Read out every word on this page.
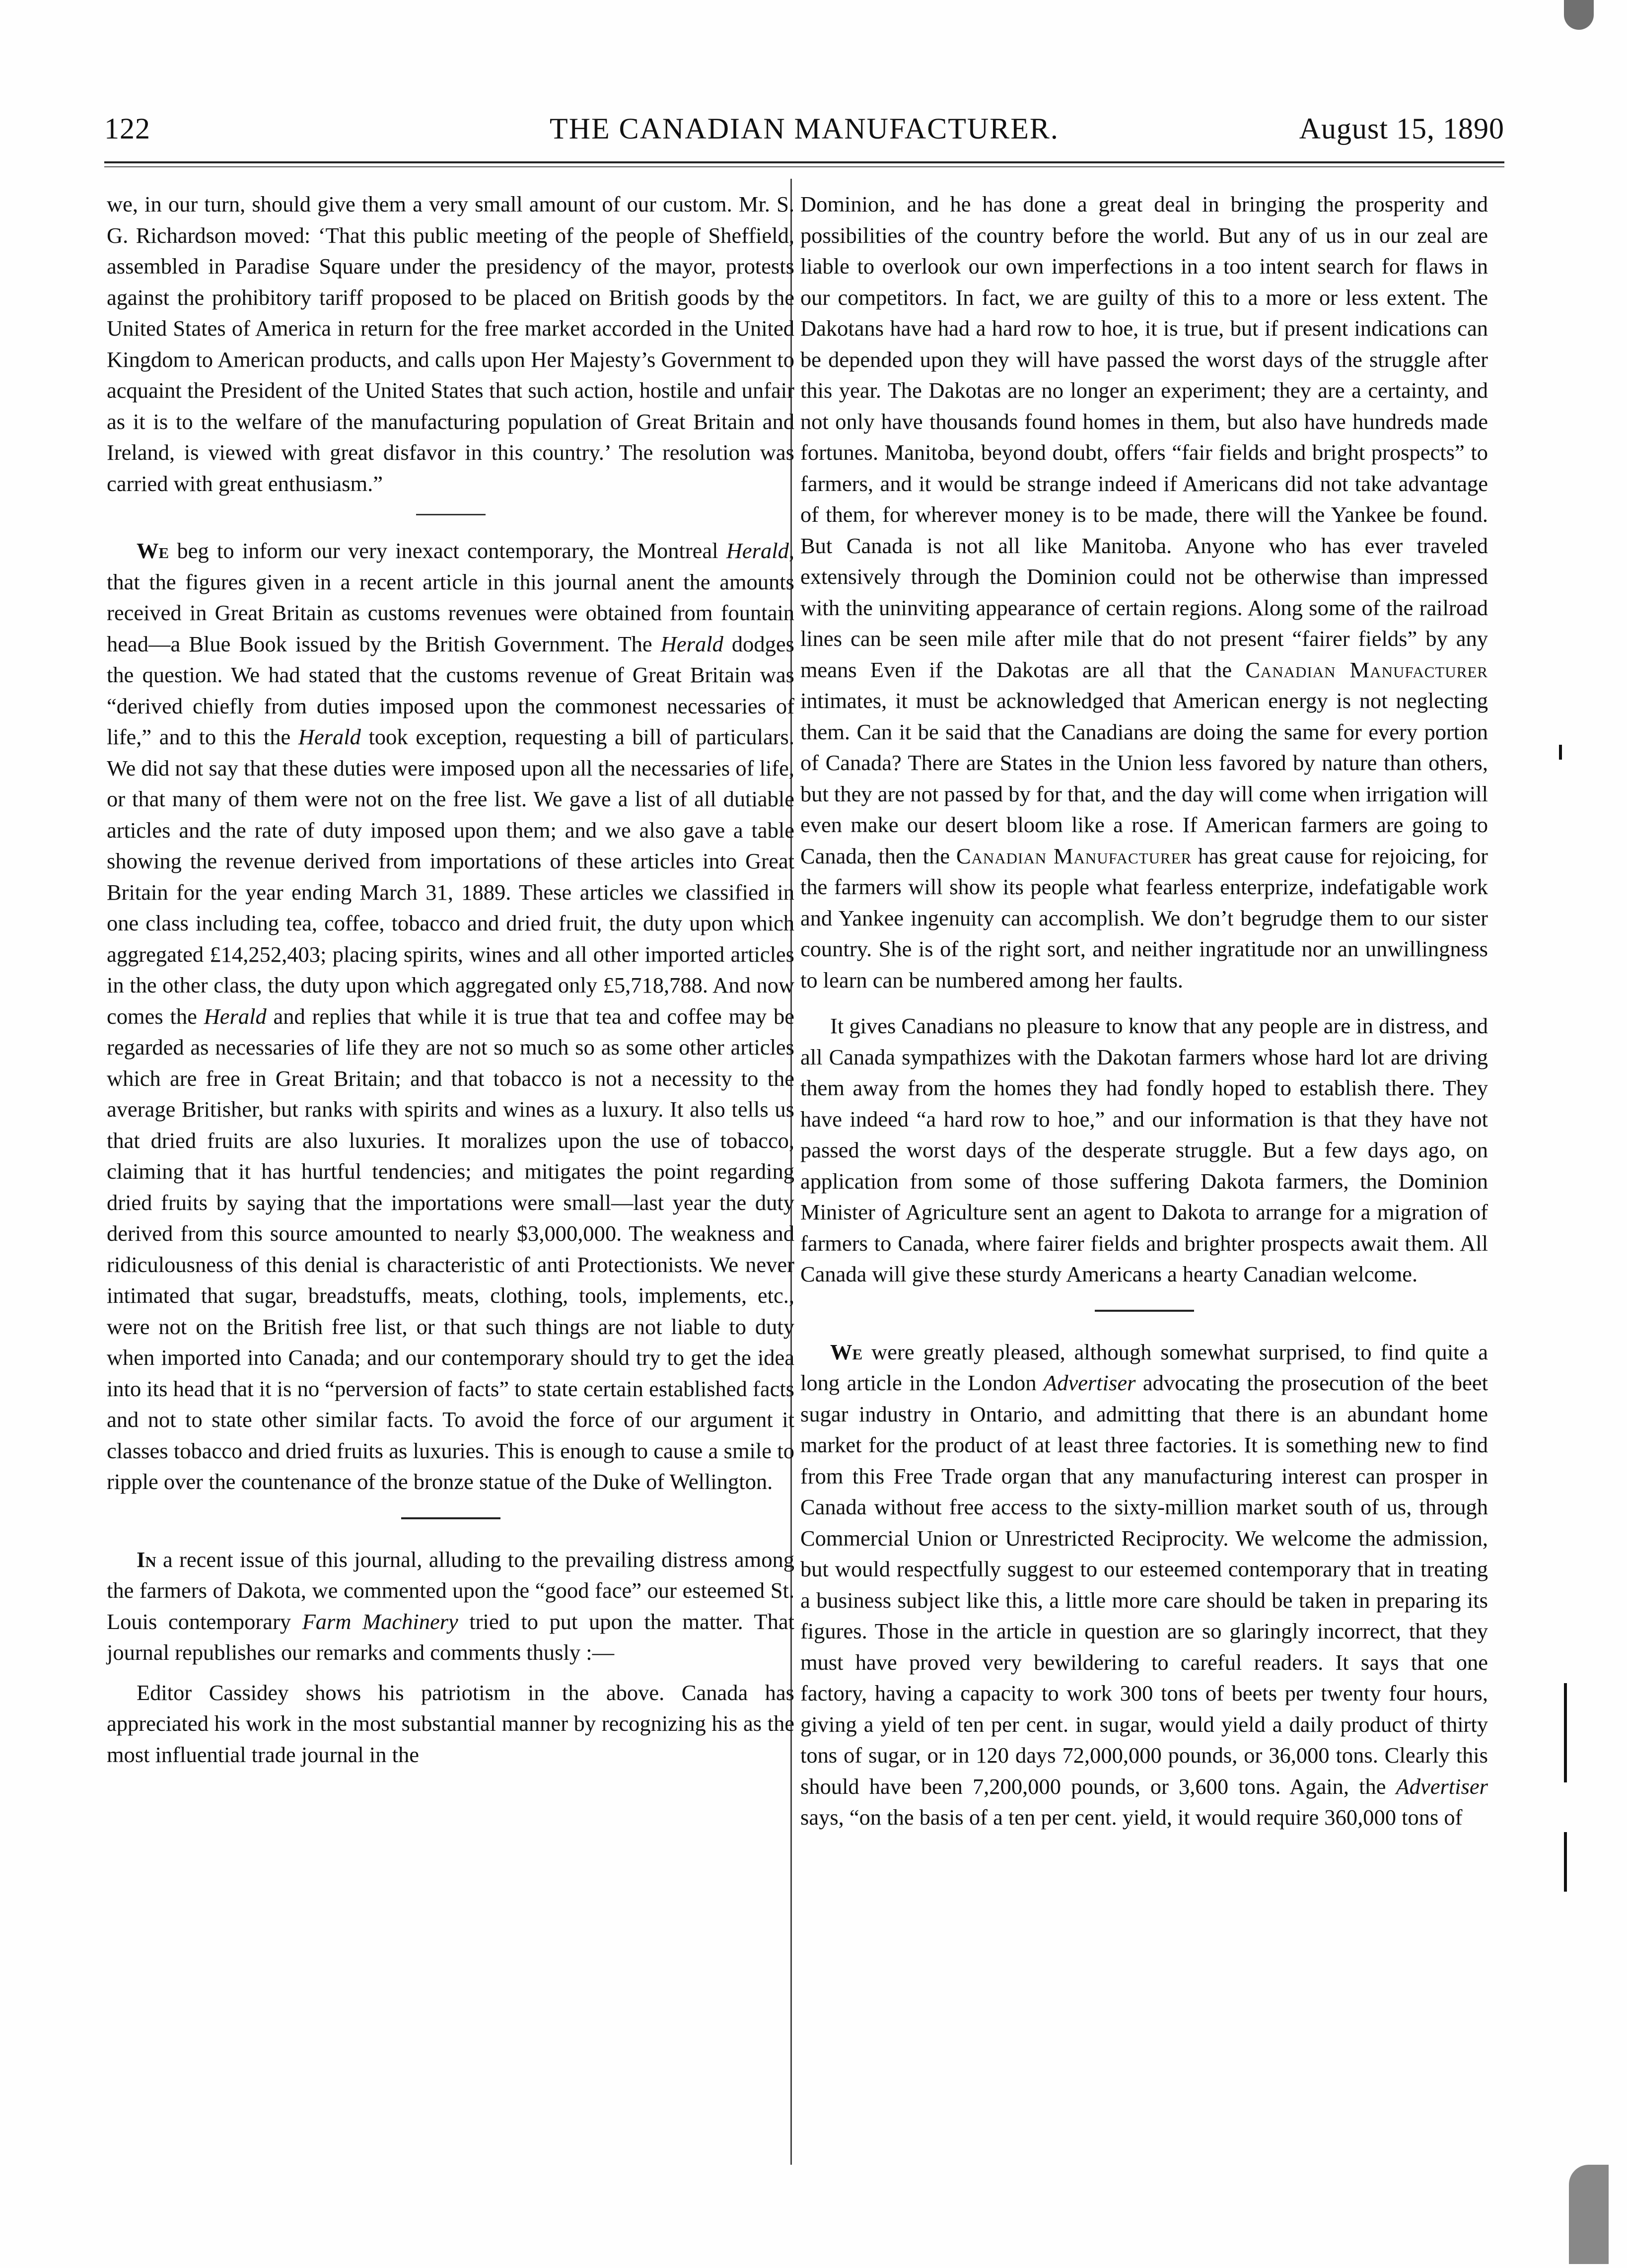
122	THE CANADIAN MANUFACTURER.	August 15, 1890

we, in our turn, should give them a very small amount of our custom. Mr. S. G. Richardson moved: ‘That this public meeting of the people of Sheffield, assembled in Paradise Square under the presidency of the mayor, protests against the prohibitory tariff proposed to be placed on British goods by the United States of America in return for the free market accorded in the United Kingdom to American products, and calls upon Her Majesty’s Government to acquaint the President of the United States that such action, hostile and unfair as it is to the welfare of the manufacturing population of Great Britain and Ireland, is viewed with great disfavor in this country.’ The resolution was carried with great enthusiasm.”

We beg to inform our very inexact contemporary, the Montreal Herald, that the figures given in a recent article in this journal anent the amounts received in Great Britain as customs revenues were obtained from fountain head—a Blue Book issued by the British Government. The Herald dodges the question. We had stated that the customs revenue of Great Britain was “derived chiefly from duties imposed upon the commonest necessaries of life,” and to this the Herald took exception, requesting a bill of particulars. We did not say that these duties were imposed upon all the necessaries of life, or that many of them were not on the free list. We gave a list of all dutiable articles and the rate of duty imposed upon them; and we also gave a table showing the revenue derived from importations of these articles into Great Britain for the year ending March 31, 1889. These articles we classified in one class including tea, coffee, tobacco and dried fruit, the duty upon which aggregated £14,252,403; placing spirits, wines and all other imported articles in the other class, the duty upon which aggregated only £5,718,788. And now comes the Herald and replies that while it is true that tea and coffee may be regarded as necessaries of life they are not so much so as some other articles which are free in Great Britain; and that tobacco is not a necessity to the average Britisher, but ranks with spirits and wines as a luxury. It also tells us that dried fruits are also luxuries. It moralizes upon the use of tobacco, claiming that it has hurtful tendencies; and mitigates the point regarding dried fruits by saying that the importations were small—last year the duty derived from this source amounted to nearly $3,000,000. The weakness and ridiculousness of this denial is characteristic of anti Protectionists. We never intimated that sugar, breadstuffs, meats, clothing, tools, implements, etc., were not on the British free list, or that such things are not liable to duty when imported into Canada; and our contemporary should try to get the idea into its head that it is no “perversion of facts” to state certain established facts and not to state other similar facts. To avoid the force of our argument it classes tobacco and dried fruits as luxuries. This is enough to cause a smile to ripple over the countenance of the bronze statue of the Duke of Wellington.

In a recent issue of this journal, alluding to the prevailing distress among the farmers of Dakota, we commented upon the “good face” our esteemed St. Louis contemporary Farm Machinery tried to put upon the matter. That journal republishes our remarks and comments thusly :—

Editor Cassidey shows his patriotism in the above. Canada has appreciated his work in the most substantial manner by recognizing his as the most influential trade journal in the

Dominion, and he has done a great deal in bringing the prosperity and possibilities of the country before the world. But any of us in our zeal are liable to overlook our own imperfections in a too intent search for flaws in our competitors. In fact, we are guilty of this to a more or less extent. The Dakotans have had a hard row to hoe, it is true, but if present indications can be depended upon they will have passed the worst days of the struggle after this year. The Dakotas are no longer an experiment; they are a certainty, and not only have thousands found homes in them, but also have hundreds made fortunes. Manitoba, beyond doubt, offers “fair fields and bright prospects” to farmers, and it would be strange indeed if Americans did not take advantage of them, for wherever money is to be made, there will the Yankee be found. But Canada is not all like Manitoba. Anyone who has ever traveled extensively through the Dominion could not be otherwise than impressed with the uninviting appearance of certain regions. Along some of the railroad lines can be seen mile after mile that do not present “fairer fields” by any means Even if the Dakotas are all that the Canadian Manufacturer intimates, it must be acknowledged that American energy is not neglecting them. Can it be said that the Canadians are doing the same for every portion of Canada? There are States in the Union less favored by nature than others, but they are not passed by for that, and the day will come when irrigation will even make our desert bloom like a rose. If American farmers are going to Canada, then the Canadian Manufacturer has great cause for rejoicing, for the farmers will show its people what fearless enterprize, indefatigable work and Yankee ingenuity can accomplish. We don’t begrudge them to our sister country. She is of the right sort, and neither ingratitude nor an unwillingness to learn can be numbered among her faults.

It gives Canadians no pleasure to know that any people are in distress, and all Canada sympathizes with the Dakotan farmers whose hard lot are driving them away from the homes they had fondly hoped to establish there. They have indeed “a hard row to hoe,” and our information is that they have not passed the worst days of the desperate struggle. But a few days ago, on application from some of those suffering Dakota farmers, the Dominion Minister of Agriculture sent an agent to Dakota to arrange for a migration of farmers to Canada, where fairer fields and brighter prospects await them. All Canada will give these sturdy Americans a hearty Canadian welcome.

We were greatly pleased, although somewhat surprised, to find quite a long article in the London Advertiser advocating the prosecution of the beet sugar industry in Ontario, and admitting that there is an abundant home market for the product of at least three factories. It is something new to find from this Free Trade organ that any manufacturing interest can prosper in Canada without free access to the sixty-million market south of us, through Commercial Union or Unrestricted Reciprocity. We welcome the admission, but would respectfully suggest to our esteemed contemporary that in treating a business subject like this, a little more care should be taken in preparing its figures. Those in the article in question are so glaringly incorrect, that they must have proved very bewildering to careful readers. It says that one factory, having a capacity to work 300 tons of beets per twenty four hours, giving a yield of ten per cent. in sugar, would yield a daily product of thirty tons of sugar, or in 120 days 72,000,000 pounds, or 36,000 tons. Clearly this should have been 7,200,000 pounds, or 3,600 tons. Again, the Advertiser says, “on the basis of a ten per cent. yield, it would require 360,000 tons of
